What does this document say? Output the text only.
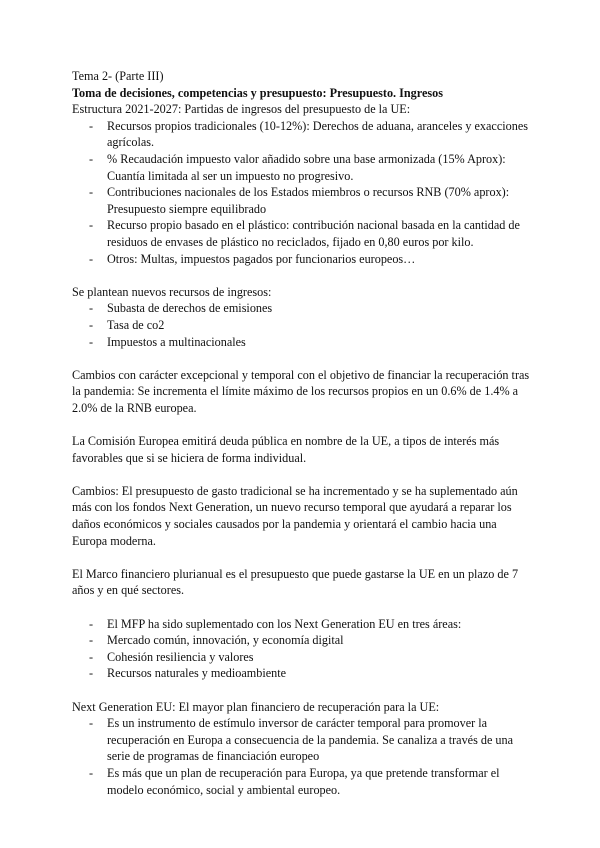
Tema 2- (Parte III)

Toma de decisiones, competencias y presupuesto: Presupuesto. Ingresos

Estructura 2021-2027: Partidas de ingresos del presupuesto de la UE:

- Recursos propios tradicionales (10-12%): Derechos de aduana, aranceles y exacciones agrícolas.
- % Recaudación impuesto valor añadido sobre una base armonizada (15% Aprox): Cuantía limitada al ser un impuesto no progresivo.
- Contribuciones nacionales de los Estados miembros o recursos RNB (70% aprox): Presupuesto siempre equilibrado
- Recurso propio basado en el plástico: contribución nacional basada en la cantidad de residuos de envases de plástico no reciclados, fijado en 0,80 euros por kilo.
- Otros: Multas, impuestos pagados por funcionarios europeos…

Se plantean nuevos recursos de ingresos:

- Subasta de derechos de emisiones
- Tasa de co2
- Impuestos a multinacionales

Cambios con carácter excepcional y temporal con el objetivo de financiar la recuperación tras la pandemia: Se incrementa el límite máximo de los recursos propios en un 0.6% de 1.4% a 2.0% de la RNB europea.

La Comisión Europea emitirá deuda pública en nombre de la UE, a tipos de interés más favorables que si se hiciera de forma individual.

Cambios: El presupuesto de gasto tradicional se ha incrementado y se ha suplementado aún más con los fondos Next Generation, un nuevo recurso temporal que ayudará a reparar los daños económicos y sociales causados por la pandemia y orientará el cambio hacia una Europa moderna.

El Marco financiero plurianual es el presupuesto que puede gastarse la UE en un plazo de 7 años y en qué sectores.

- El MFP ha sido suplementado con los Next Generation EU en tres áreas:
- Mercado común, innovación, y economía digital
- Cohesión resiliencia y valores
- Recursos naturales y medioambiente

Next Generation EU: El mayor plan financiero de recuperación para la UE:

- Es un instrumento de estímulo inversor de carácter temporal para promover la recuperación en Europa a consecuencia de la pandemia. Se canaliza a través de una serie de programas de financiación europeo
- Es más que un plan de recuperación para Europa, ya que pretende transformar el modelo económico, social y ambiental europeo.
